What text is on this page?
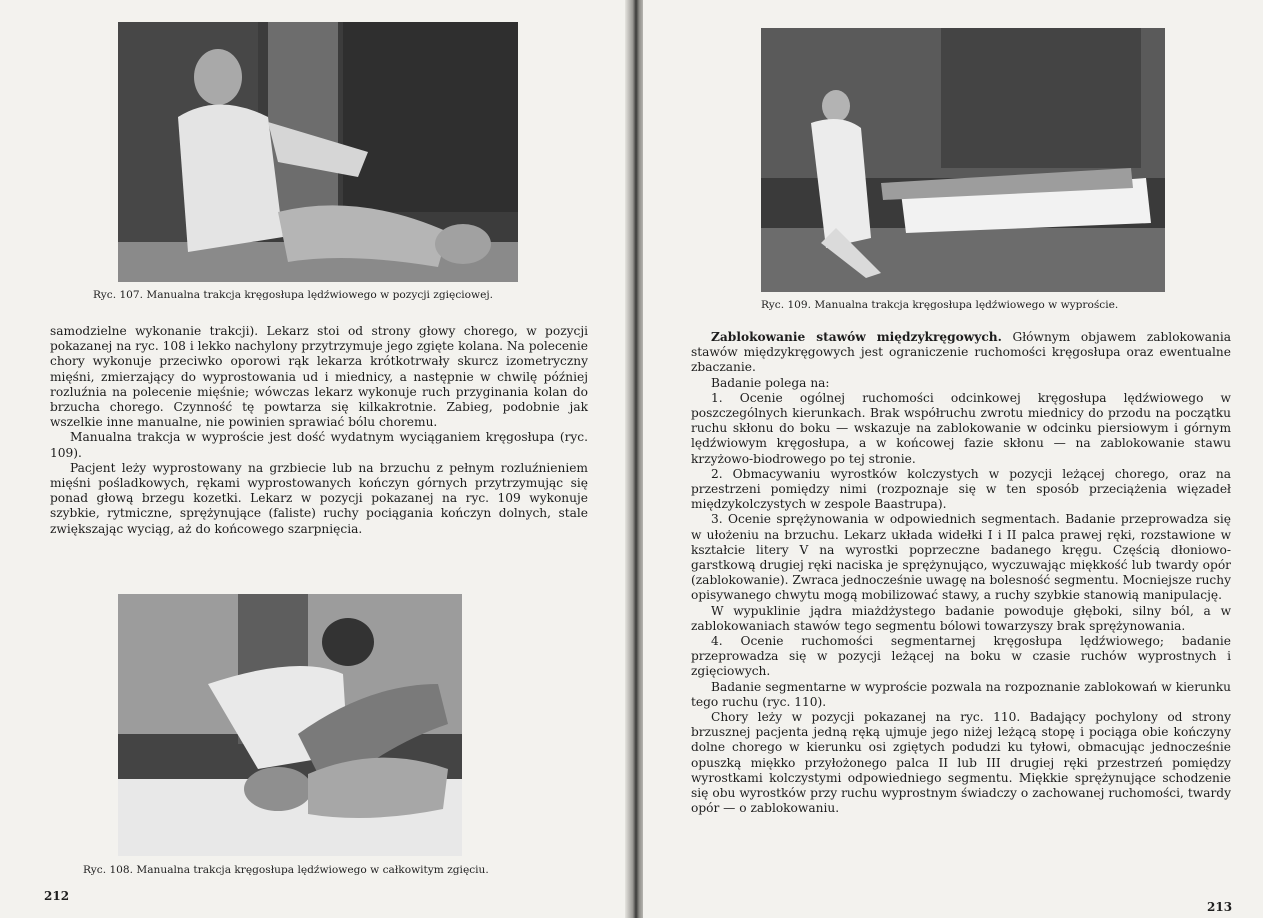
Ryc. 107. Manualna trakcja kręgosłupa lędźwiowego w pozycji zgięciowej.

samodzielne wykonanie trakcji). Lekarz stoi od strony głowy chorego, w pozycji pokazanej na ryc. 108 i lekko nachylony przytrzymuje jego zgięte kolana. Na polecenie chory wykonuje przeciwko oporowi rąk lekarza krótkotrwały skurcz izometryczny mięśni, zmierzający do wyprostowania ud i miednicy, a następnie w chwilę później rozluźnia na polecenie mięśnie; wówczas lekarz wykonuje ruch przyginania kolan do brzucha chorego. Czynność tę powtarza się kilkakrotnie. Zabieg, podobnie jak wszelkie inne manualne, nie powinien sprawiać bólu choremu.

Manualna trakcja w wyproście jest dość wydatnym wyciąganiem kręgosłupa (ryc. 109).

Pacjent leży wyprostowany na grzbiecie lub na brzuchu z pełnym rozluźnieniem mięśni pośladkowych, rękami wyprostowanych kończyn górnych przytrzymując się ponad głową brzegu kozetki. Lekarz w pozycji pokazanej na ryc. 109 wykonuje szybkie, rytmiczne, sprężynujące (faliste) ruchy pociągania kończyn dolnych, stale zwiększając wyciąg, aż do końcowego szarpnięcia.

Ryc. 108. Manualna trakcja kręgosłupa lędźwiowego w całkowitym zgięciu.
212
Ryc. 109. Manualna trakcja kręgosłupa lędźwiowego w wyproście.

Zablokowanie stawów międzykręgowych. Głównym objawem zablokowania stawów międzykręgowych jest ograniczenie ruchomości kręgosłupa oraz ewentualne zbaczanie.

Badanie polega na:

1. Ocenie ogólnej ruchomości odcinkowej kręgosłupa lędźwiowego w poszczególnych kierunkach. Brak współruchu zwrotu miednicy do przodu na początku ruchu skłonu do boku — wskazuje na zablokowanie w odcinku piersiowym i górnym lędźwiowym kręgosłupa, a w końcowej fazie skłonu — na zablokowanie stawu krzyżowo-biodrowego po tej stronie.

2. Obmacywaniu wyrostków kolczystych w pozycji leżącej chorego, oraz na przestrzeni pomiędzy nimi (rozpoznaje się w ten sposób przeciążenia więzadeł międzykolczystych w zespole Baastrupa).

3. Ocenie sprężynowania w odpowiednich segmentach. Badanie przeprowadza się w ułożeniu na brzuchu. Lekarz układa widełki I i II palca prawej ręki, rozstawione w kształcie litery V na wyrostki poprzeczne badanego kręgu. Częścią dłoniowo-garstkową drugiej ręki naciska je sprężynująco, wyczuwając miękkość lub twardy opór (zablokowanie). Zwraca jednocześnie uwagę na bolesność segmentu. Mocniejsze ruchy opisywanego chwytu mogą mobilizować stawy, a ruchy szybkie stanowią manipulację.

W wypuklinie jądra miażdżystego badanie powoduje głęboki, silny ból, a w zablokowaniach stawów tego segmentu bólowi towarzyszy brak sprężynowania.

4. Ocenie ruchomości segmentarnej kręgosłupa lędźwiowego; badanie przeprowadza się w pozycji leżącej na boku w czasie ruchów wyprostnych i zgięciowych.

Badanie segmentarne w wyproście pozwala na rozpoznanie zablokowań w kierunku tego ruchu (ryc. 110).

Chory leży w pozycji pokazanej na ryc. 110. Badający pochylony od strony brzusznej pacjenta jedną ręką ujmuje jego niżej leżącą stopę i pociąga obie kończyny dolne chorego w kierunku osi zgiętych podudzi ku tyłowi, obmacując jednocześnie opuszką miękko przyłożonego palca II lub III drugiej ręki przestrzeń pomiędzy wyrostkami kolczystymi odpowiedniego segmentu. Miękkie sprężynujące schodzenie się obu wyrostków przy ruchu wyprostnym świadczy o zachowanej ruchomości, twardy opór — o zablokowaniu.

213
